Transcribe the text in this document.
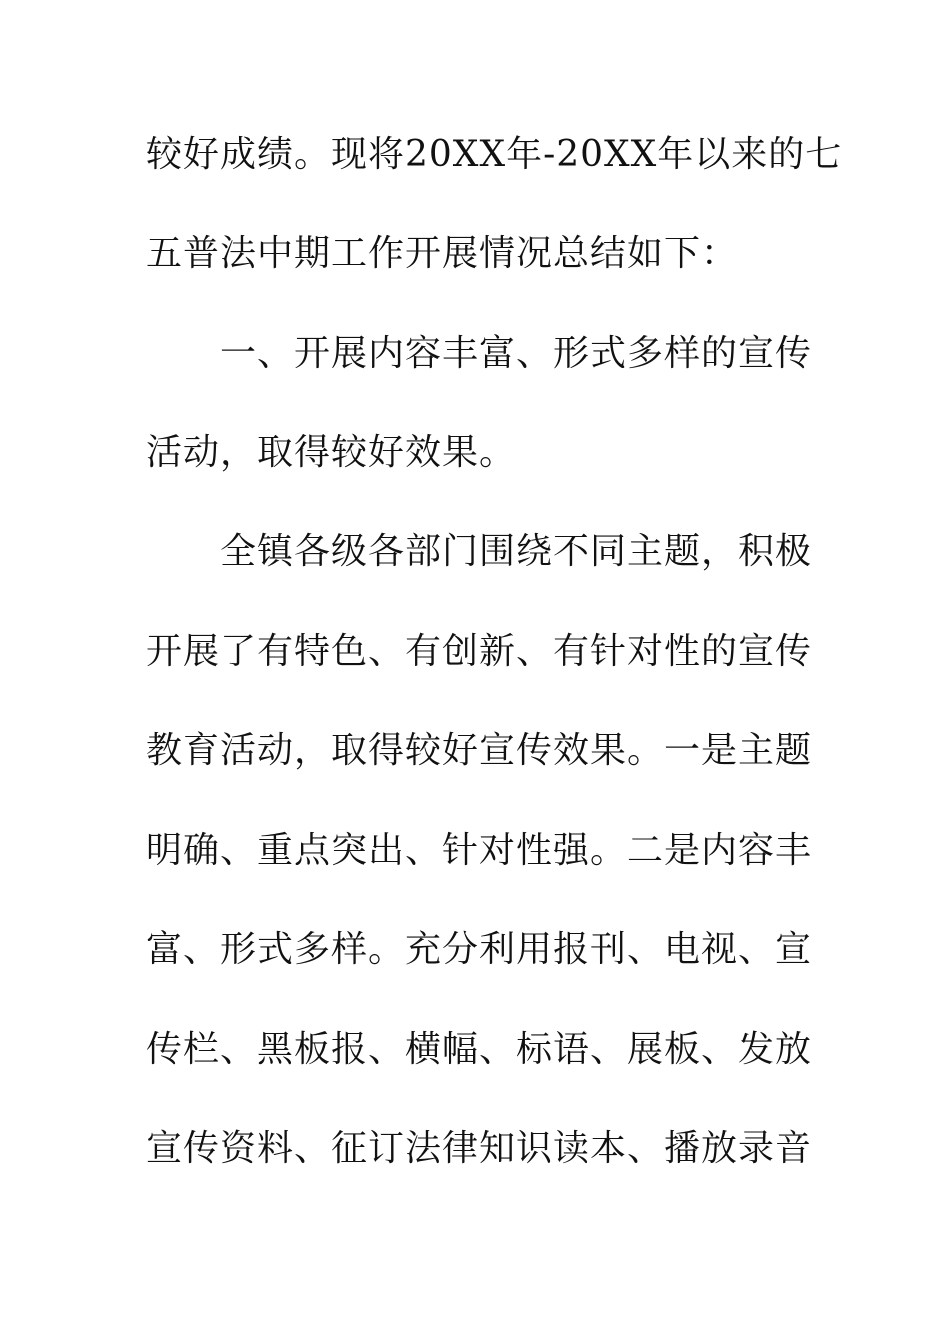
较好成绩。现将20XX年-20XX年以来的七
五普法中期工作开展情况总结如下：
　　一、开展内容丰富、形式多样的宣传
活动，取得较好效果。
　　全镇各级各部门围绕不同主题，积极
开展了有特色、有创新、有针对性的宣传
教育活动，取得较好宣传效果。一是主题
明确、重点突出、针对性强。二是内容丰
富、形式多样。充分利用报刊、电视、宣
传栏、黑板报、横幅、标语、展板、发放
宣传资料、征订法律知识读本、播放录音
